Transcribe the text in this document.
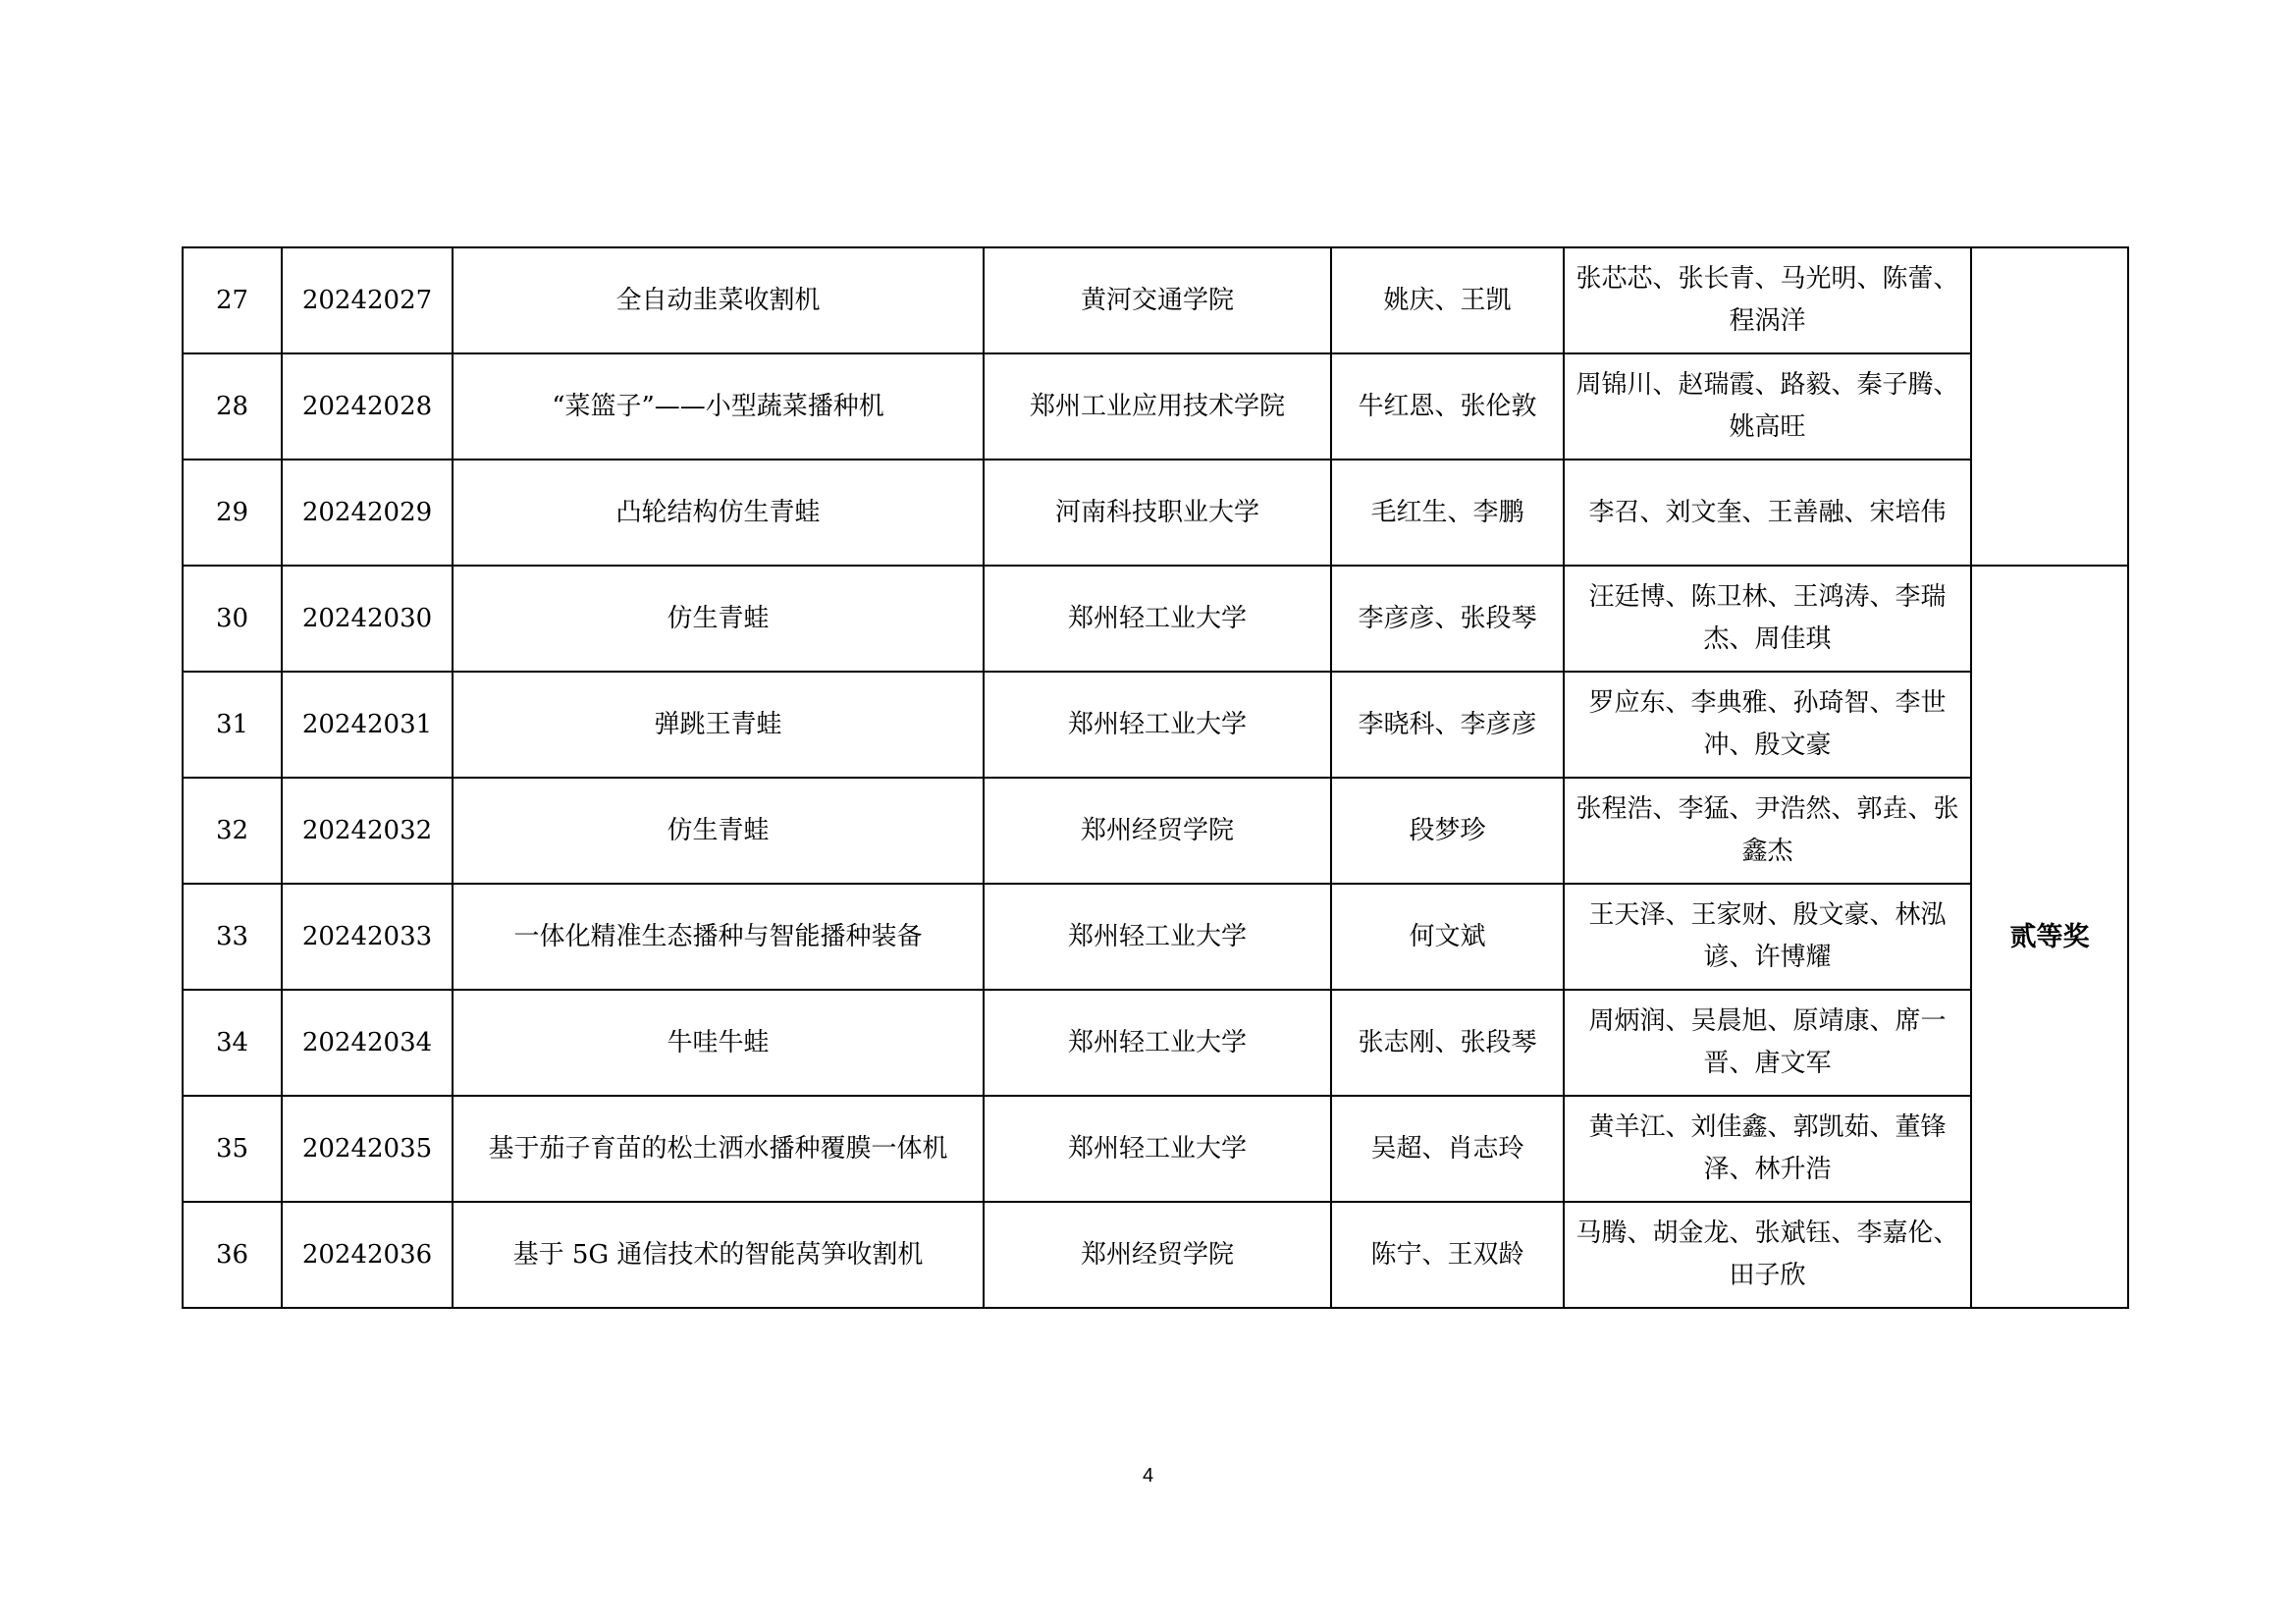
27	20242027	全自动韭菜收割机	黄河交通学院	姚庆、王凯	张芯芯、张长青、马光明、陈蕾、程涡洋	
28	20242028	“菜篮子”——小型蔬菜播种机	郑州工业应用技术学院	牛红恩、张伦敦	周锦川、赵瑞霞、路毅、秦子腾、姚高旺	
29	20242029	凸轮结构仿生青蛙	河南科技职业大学	毛红生、李鹏	李召、刘文奎、王善融、宋培伟	
30	20242030	仿生青蛙	郑州轻工业大学	李彦彦、张段琴	汪廷博、陈卫林、王鸿涛、李瑞杰、周佳琪	贰等奖
31	20242031	弹跳王青蛙	郑州轻工业大学	李晓科、李彦彦	罗应东、李典雅、孙琦智、李世冲、殷文豪	
32	20242032	仿生青蛙	郑州经贸学院	段梦珍	张程浩、李猛、尹浩然、郭垚、张鑫杰	
33	20242033	一体化精准生态播种与智能播种装备	郑州轻工业大学	何文斌	王天泽、王家财、殷文豪、林泓谚、许博耀	
34	20242034	牛哇牛蛙	郑州轻工业大学	张志刚、张段琴	周炳润、吴晨旭、原靖康、席一晋、唐文军	
35	20242035	基于茄子育苗的松土洒水播种覆膜一体机	郑州轻工业大学	吴超、肖志玲	黄羊江、刘佳鑫、郭凯茹、董锋泽、林升浩	
36	20242036	基于 5G 通信技术的智能莴笋收割机	郑州经贸学院	陈宁、王双龄	马腾、胡金龙、张斌钰、李嘉伦、田子欣	
4
